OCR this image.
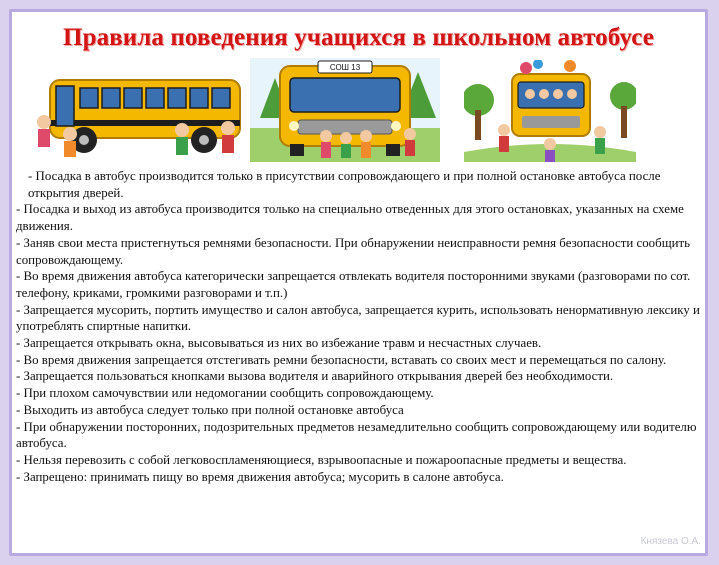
Правила поведения учащихся в школьном автобусе
СОШ 13
- Посадка в автобус производится только в присутствии сопровождающего и при полной остановке автобуса после открытия дверей.
- Посадка и выход из автобуса производится только на специально отведенных для этого остановках, указанных на схеме движения.
- Заняв свои места пристегнуться ремнями безопасности. При обнаружении неисправности ремня безопасности сообщить сопровождающему.
- Во время движения автобуса категорически запрещается отвлекать водителя посторонними звуками (разговорами по сот. телефону, криками, громкими разговорами и т.п.)
- Запрещается мусорить, портить имущество и салон автобуса, запрещается курить, использовать ненормативную лексику и употреблять спиртные напитки.
- Запрещается открывать окна, высовываться из них во избежание травм и несчастных случаев.
- Во время движения запрещается отстегивать ремни безопасности, вставать со своих мест и перемещаться по салону.
- Запрещается пользоваться кнопками вызова водителя и аварийного открывания дверей без необходимости.
- При плохом самочувствии или недомогании сообщить сопровождающему.
- Выходить из автобуса следует только при полной остановке автобуса
- При обнаружении посторонних, подозрительных предметов незамедлительно сообщить сопровождающему или водителю автобуса.
- Нельзя перевозить с собой легковоспламеняющиеся, взрывоопасные и пожароопасные предметы и вещества.
- Запрещено: принимать пищу во время движения автобуса; мусорить в салоне автобуса.
Князева О.А.
